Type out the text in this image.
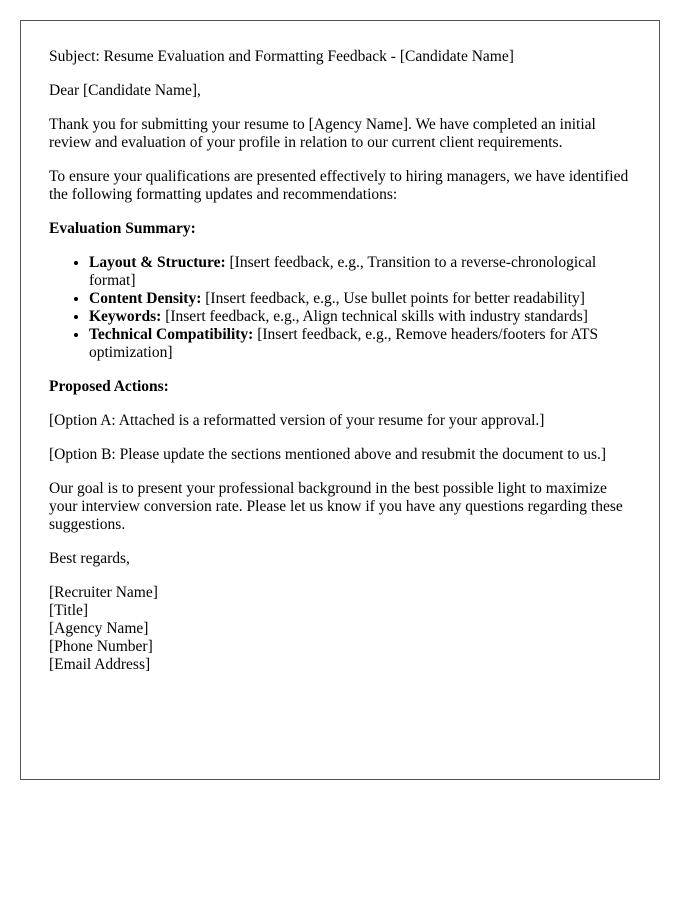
Subject: Resume Evaluation and Formatting Feedback - [Candidate Name]

Dear [Candidate Name],

Thank you for submitting your resume to [Agency Name]. We have completed an initial review and evaluation of your profile in relation to our current client requirements.

To ensure your qualifications are presented effectively to hiring managers, we have identified the following formatting updates and recommendations:

Evaluation Summary:

• Layout & Structure: [Insert feedback, e.g., Transition to a reverse-chronological format]
• Content Density: [Insert feedback, e.g., Use bullet points for better readability]
• Keywords: [Insert feedback, e.g., Align technical skills with industry standards]
• Technical Compatibility: [Insert feedback, e.g., Remove headers/footers for ATS optimization]

Proposed Actions:

[Option A: Attached is a reformatted version of your resume for your approval.]

[Option B: Please update the sections mentioned above and resubmit the document to us.]

Our goal is to present your professional background in the best possible light to maximize your interview conversion rate. Please let us know if you have any questions regarding these suggestions.

Best regards,

[Recruiter Name]
[Title]
[Agency Name]
[Phone Number]
[Email Address]
